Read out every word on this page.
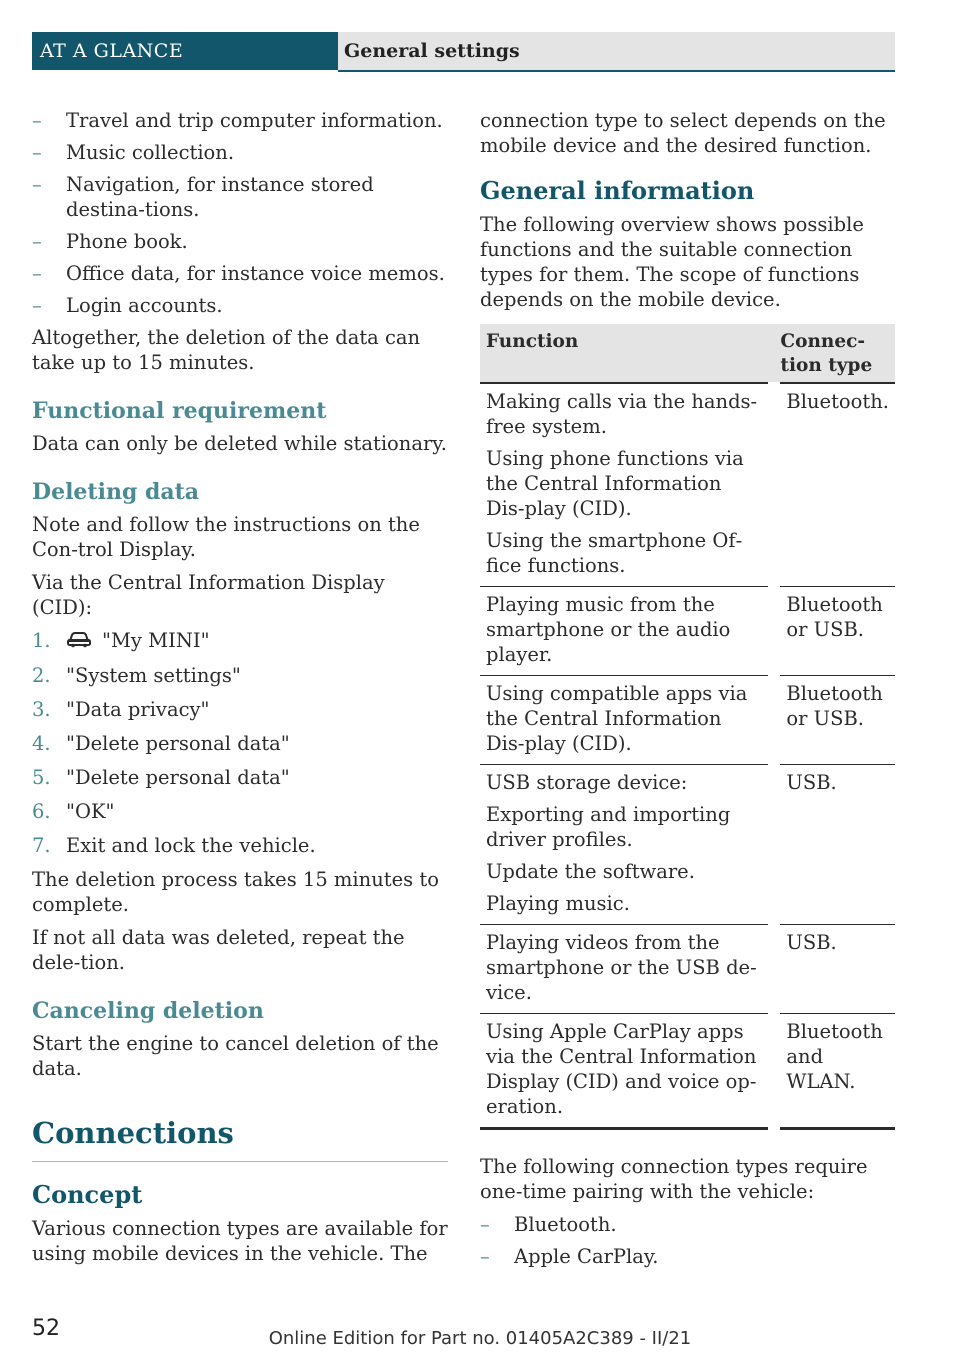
AT A GLANCE	General settings
– Travel and trip computer information.
– Music collection.
– Navigation, for instance stored destina‐tions.
– Phone book.
– Office data, for instance voice memos.
– Login accounts.

Altogether, the deletion of the data can take up to 15 minutes.

Functional requirement

Data can only be deleted while stationary.

Deleting data

Note and follow the instructions on the Con‐trol Display.

Via the Central Information Display (CID):

1.	"My MINI"
2. "System settings"
3. "Data privacy"
4. "Delete personal data"
5. "Delete personal data"
6. "OK"
7. Exit and lock the vehicle.

The deletion process takes 15 minutes to complete.

If not all data was deleted, repeat the dele‐tion.

Canceling deletion

Start the engine to cancel deletion of the data.

Connections
Concept

Various connection types are available for using mobile devices in the vehicle. The

connection type to select depends on the mobile device and the desired function.

General information

The following overview shows possible functions and the suitable connection types for them. The scope of functions depends on the mobile device.

Function	Connec‐tion type

Making calls via the hands‐free system.
Using phone functions via the Central Information Dis‐play (CID).
Using the smartphone Of‐fice functions.	Bluetooth.

Playing music from the smartphone or the audio player.	Bluetooth or USB.

Using compatible apps via the Central Information Dis‐play (CID).	Bluetooth or USB.

USB storage device:
Exporting and importing driver profiles.
Update the software.
Playing music.	USB.

Playing videos from the smartphone or the USB de‐vice.	USB.

Using Apple CarPlay apps via the Central Information Display (CID) and voice op‐eration.	Bluetooth and WLAN.

The following connection types require one-time pairing with the vehicle:

– Bluetooth.
– Apple CarPlay.
52	Online Edition for Part no. 01405A2C389 - II/21
